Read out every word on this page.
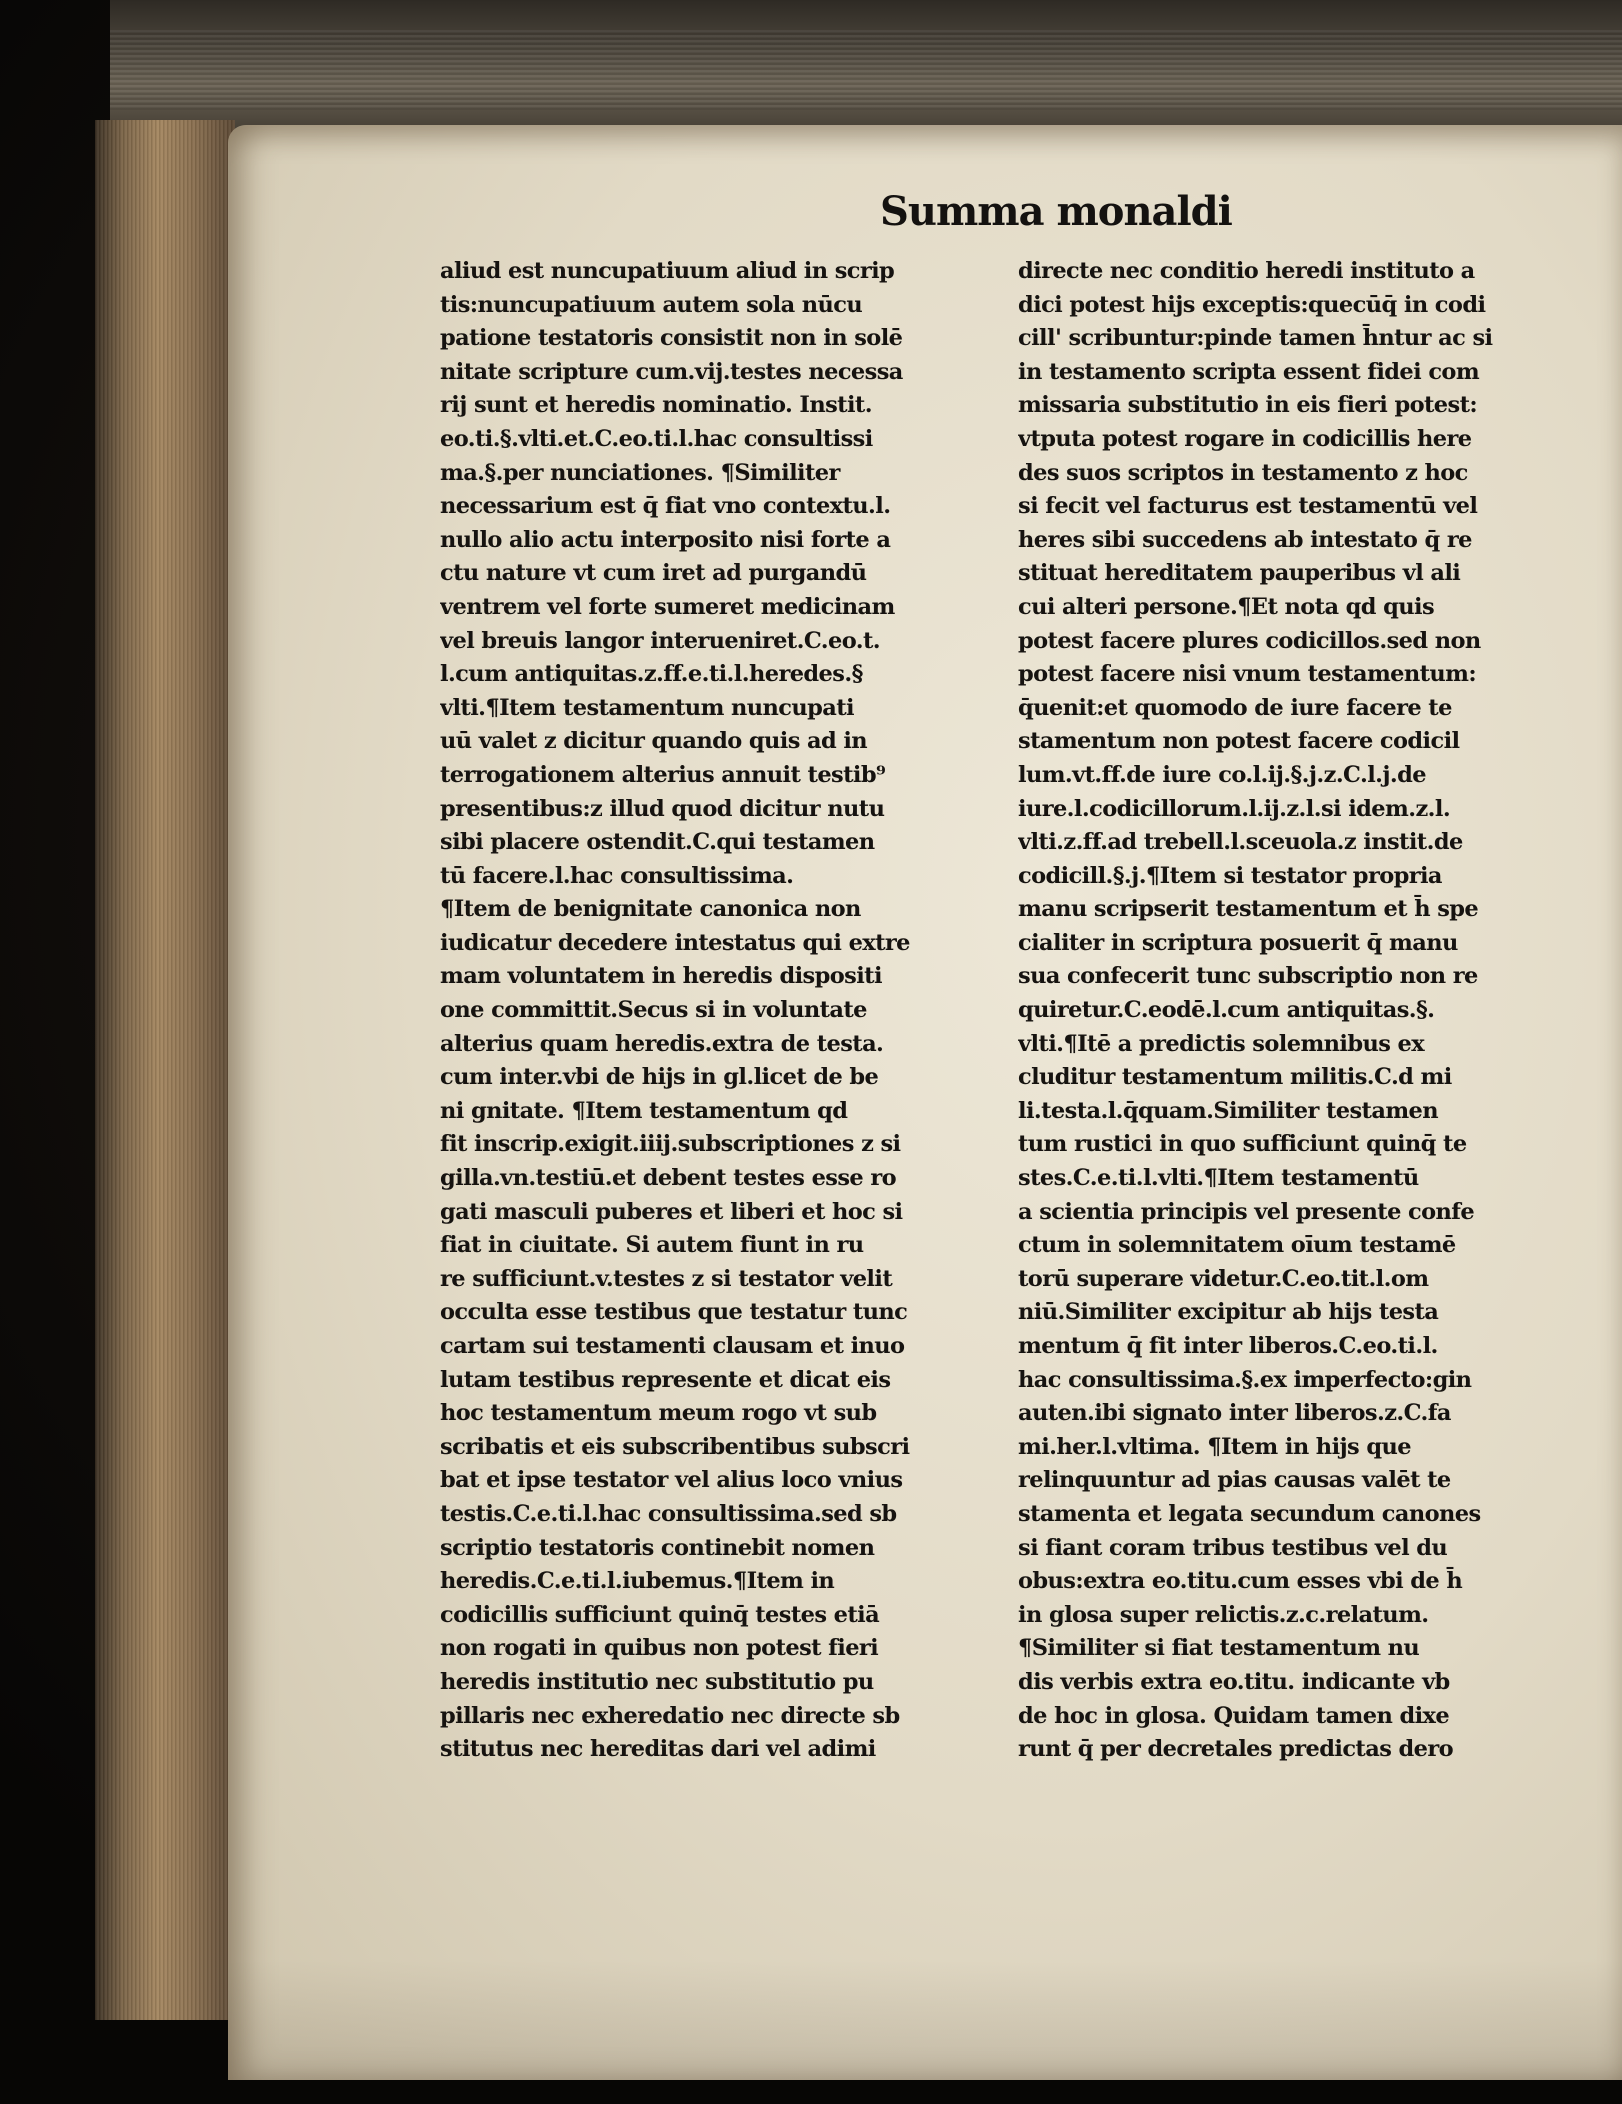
Summa monaldi
aliud est nuncupatiuum aliud in scrip
tis:nuncupatiuum autem sola nūcu
patione testatoris consistit non in solē
nitate scripture cum.vij.testes necessa
rij sunt et heredis nominatio. Instit.
eo.ti.§.vlti.et.C.eo.ti.l.hac consultissi
ma.§.per nunciationes. ¶Similiter
necessarium est q̄ fiat vno contextu.l.
nullo alio actu interposito nisi forte a
ctu nature vt cum iret ad purgandū
ventrem vel forte sumeret medicinam
vel breuis langor interueniret.C.eo.t.
l.cum antiquitas.z.ff.e.ti.l.heredes.§
vlti.¶Item testamentum nuncupati
uū valet z dicitur quando quis ad in
terrogationem alterius annuit testib⁹
presentibus:z illud quod dicitur nutu
sibi placere ostendit.C.qui testamen
tū facere.l.hac consultissima.
¶Item de benignitate canonica non
iudicatur decedere intestatus qui extre
mam voluntatem in heredis dispositi
one committit.Secus si in voluntate
alterius quam heredis.extra de testa.
cum inter.vbi de hijs in gl.licet de be
ni gnitate. ¶Item testamentum qd
fit inscrip.exigit.iiij.subscriptiones z si
gilla.vn.testiū.et debent testes esse ro
gati masculi puberes et liberi et hoc si
fiat in ciuitate. Si autem fiunt in ru
re sufficiunt.v.testes z si testator velit
occulta esse testibus que testatur tunc
cartam sui testamenti clausam et inuo
lutam testibus represente et dicat eis
hoc testamentum meum rogo vt sub
scribatis et eis subscribentibus subscri
bat et ipse testator vel alius loco vnius
testis.C.e.ti.l.hac consultissima.sed sb
scriptio testatoris continebit nomen
heredis.C.e.ti.l.iubemus.¶Item in
codicillis sufficiunt quinq̄ testes etiā
non rogati in quibus non potest fieri
heredis institutio nec substitutio pu
pillaris nec exheredatio nec directe sb
stitutus nec hereditas dari vel adimi
directe nec conditio heredi instituto a
dici potest hijs exceptis:quecūq̄ in codi
cill' scribuntur:pinde tamen h̄ntur ac si
in testamento scripta essent fidei com
missaria substitutio in eis fieri potest:
vtputa potest rogare in codicillis here
des suos scriptos in testamento z hoc
si fecit vel facturus est testamentū vel
heres sibi succedens ab intestato q̄ re
stituat hereditatem pauperibus vl ali
cui alteri persone.¶Et nota qd quis
potest facere plures codicillos.sed non
potest facere nisi vnum testamentum:
q̄uenit:et quomodo de iure facere te
stamentum non potest facere codicil
lum.vt.ff.de iure co.l.ij.§.j.z.C.l.j.de
iure.l.codicillorum.l.ij.z.l.si idem.z.l.
vlti.z.ff.ad trebell.l.sceuola.z instit.de
codicill.§.j.¶Item si testator propria
manu scripserit testamentum et h̄ spe
cialiter in scriptura posuerit q̄ manu
sua confecerit tunc subscriptio non re
quiretur.C.eodē.l.cum antiquitas.§.
vlti.¶Itē a predictis solemnibus ex
cluditur testamentum militis.C.d mi
li.testa.l.q̄quam.Similiter testamen
tum rustici in quo sufficiunt quinq̄ te
stes.C.e.ti.l.vlti.¶Item testamentū
a scientia principis vel presente confe
ctum in solemnitatem oīum testamē
torū superare videtur.C.eo.tit.l.om
niū.Similiter excipitur ab hijs testa
mentum q̄ fit inter liberos.C.eo.ti.l.
hac consultissima.§.ex imperfecto:gin
auten.ibi signato inter liberos.z.C.fa
mi.her.l.vltima. ¶Item in hijs que
relinquuntur ad pias causas valēt te
stamenta et legata secundum canones
si fiant coram tribus testibus vel du
obus:extra eo.titu.cum esses vbi de h̄
in glosa super relictis.z.c.relatum.
¶Similiter si fiat testamentum nu
dis verbis extra eo.titu. indicante vb
de hoc in glosa. Quidam tamen dixe
runt q̄ per decretales predictas dero
